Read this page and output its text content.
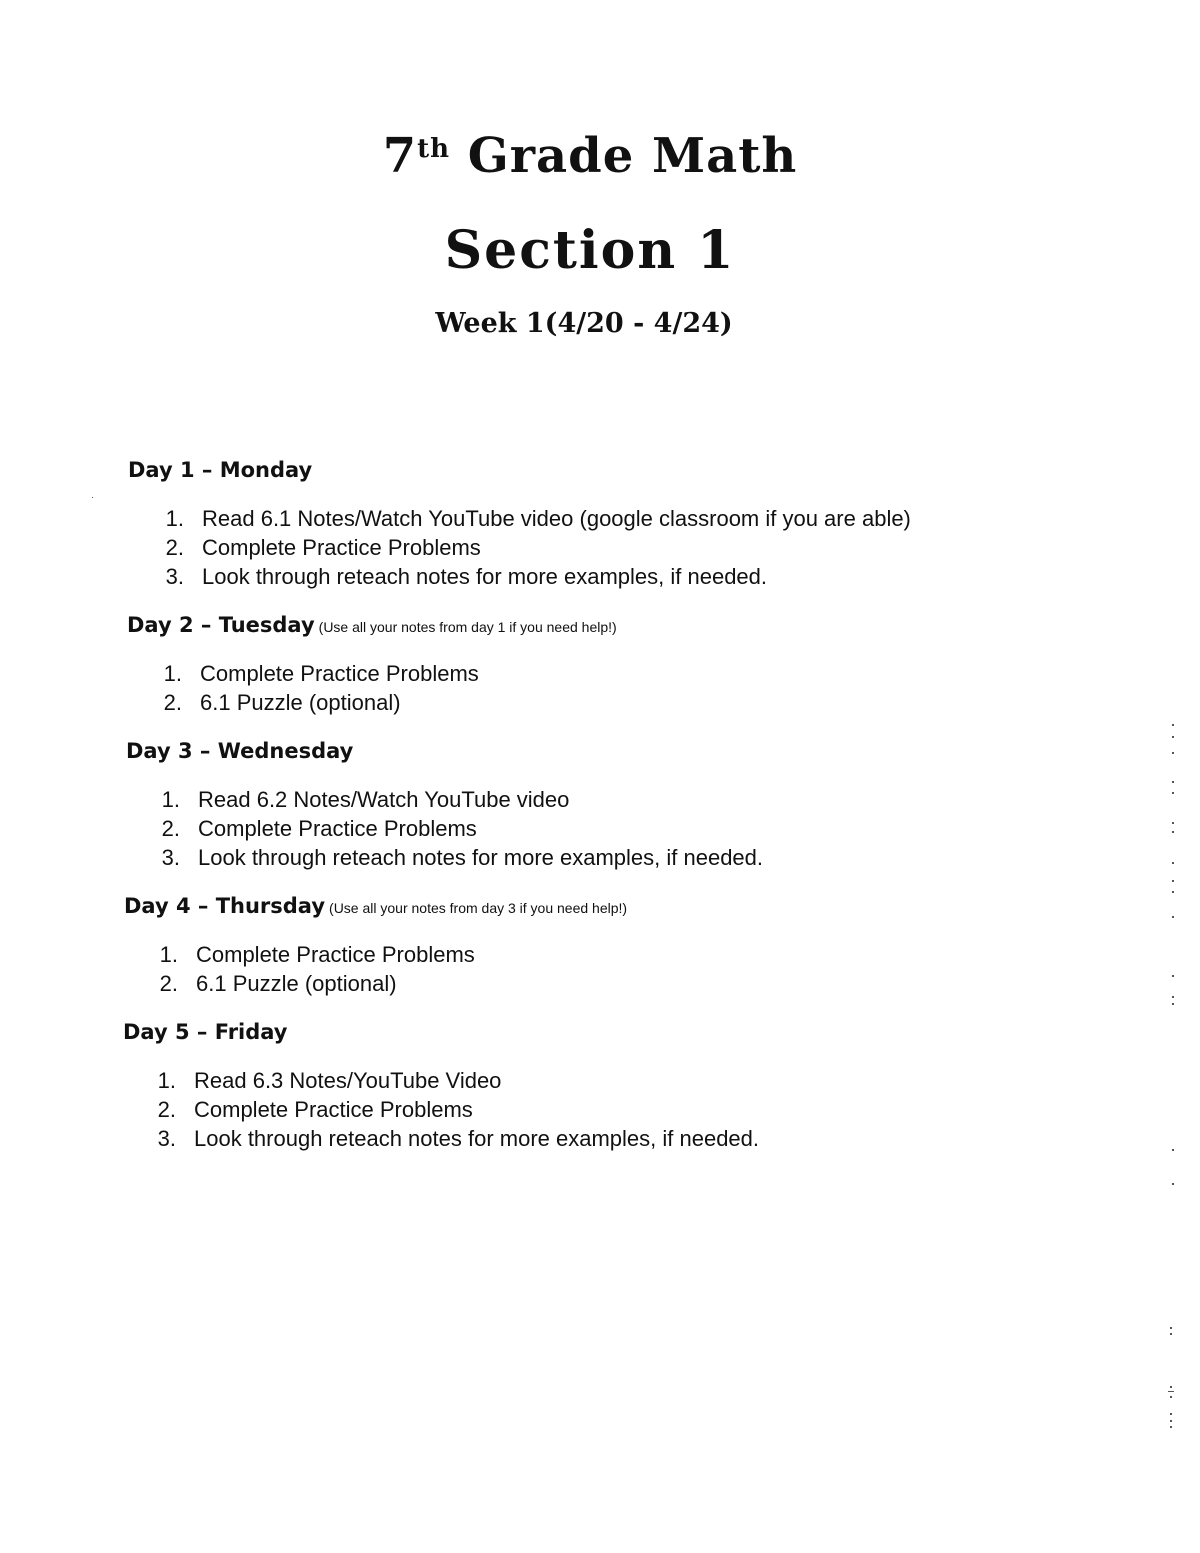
7th Grade Math
Section 1
Week 1(4/20 - 4/24)

Day 1 – Monday

1. Read 6.1 Notes/Watch YouTube video (google classroom if you are able)
2. Complete Practice Problems
3. Look through reteach notes for more examples, if needed.

Day 2 – Tuesday (Use all your notes from day 1 if you need help!)

1. Complete Practice Problems
2. 6.1 Puzzle (optional)

Day 3 – Wednesday

1. Read 6.2 Notes/Watch YouTube video
2. Complete Practice Problems
3. Look through reteach notes for more examples, if needed.

Day 4 – Thursday (Use all your notes from day 3 if you need help!)

1. Complete Practice Problems
2. 6.1 Puzzle (optional)

Day 5 – Friday

1. Read 6.3 Notes/YouTube Video
2. Complete Practice Problems
3. Look through reteach notes for more examples, if needed.
